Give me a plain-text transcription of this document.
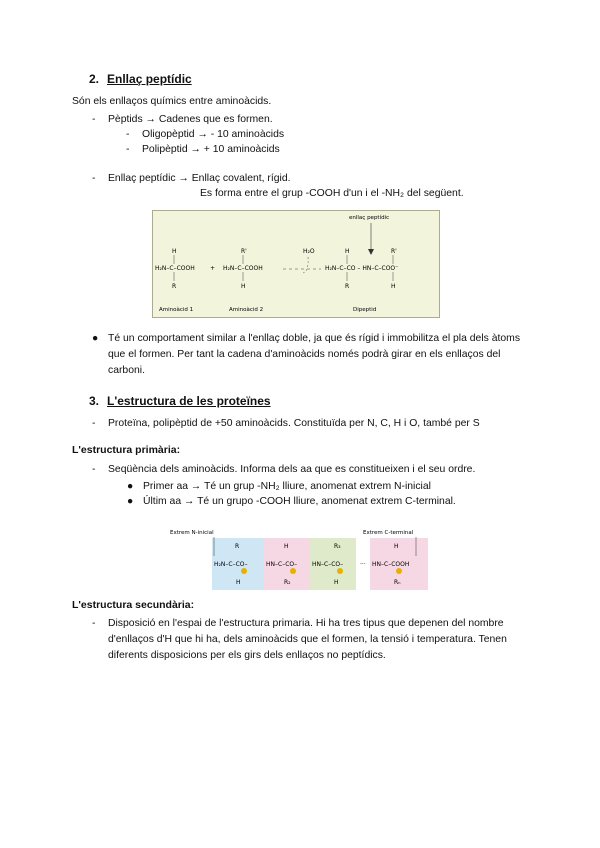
2. Enllaç peptídic
Són els enllaços químics entre aminoàcids.
- Pèptids → Cadenes que es formen.
- Oligopèptid → - 10 aminoàcids
- Polipèptid → + 10 aminoàcids
- Enllaç peptídic → Enllaç covalent, rígid.
Es forma entre el grup -COOH d'un i el -NH₂ del següent.
enllaç peptídic
H
H₂N–C–COOH
R
+
R'
H₂N–C–COOH
H
H₂O	H	R'
H₂N–C–CO – HN–C–COO⁻
R	H
Aminoàcid 1	Aminoàcid 2	Dipeptid
● Té un comportament similar a l'enllaç doble, ja que és rígid i immobilitza el pla dels àtoms que el formen. Per tant la cadena d'aminoàcids només podrà girar en els enllaços del carboni.
3. L'estructura de les proteïnes
- Proteïna, polipèptid de +50 aminoàcids. Constituïda per N, C, H i O, també per S
L'estructura primària:
- Seqüència dels aminoàcids. Informa dels aa que es constitueixen i el seu ordre.
● Primer aa → Té un grup -NH₂ lliure, anomenat extrem N-inicial
● Últim aa → Té un grupo -COOH lliure, anomenat extrem C-terminal.
Extrem N-inicial	Extrem C-terminal
R	H	R₃	H
H₂N–C–CO–	HN–C–CO– HN–C–CO–	··· HN–C–COOH
H	R₂	H	Rₙ
L'estructura secundària:
- Disposició en l'espai de l'estructura primaria. Hi ha tres tipus que depenen del nombre d'enllaços d'H que hi ha, dels aminoàcids que el formen, la tensió i temperatura. Tenen diferents disposicions per els girs dels enllaços no peptídics.
